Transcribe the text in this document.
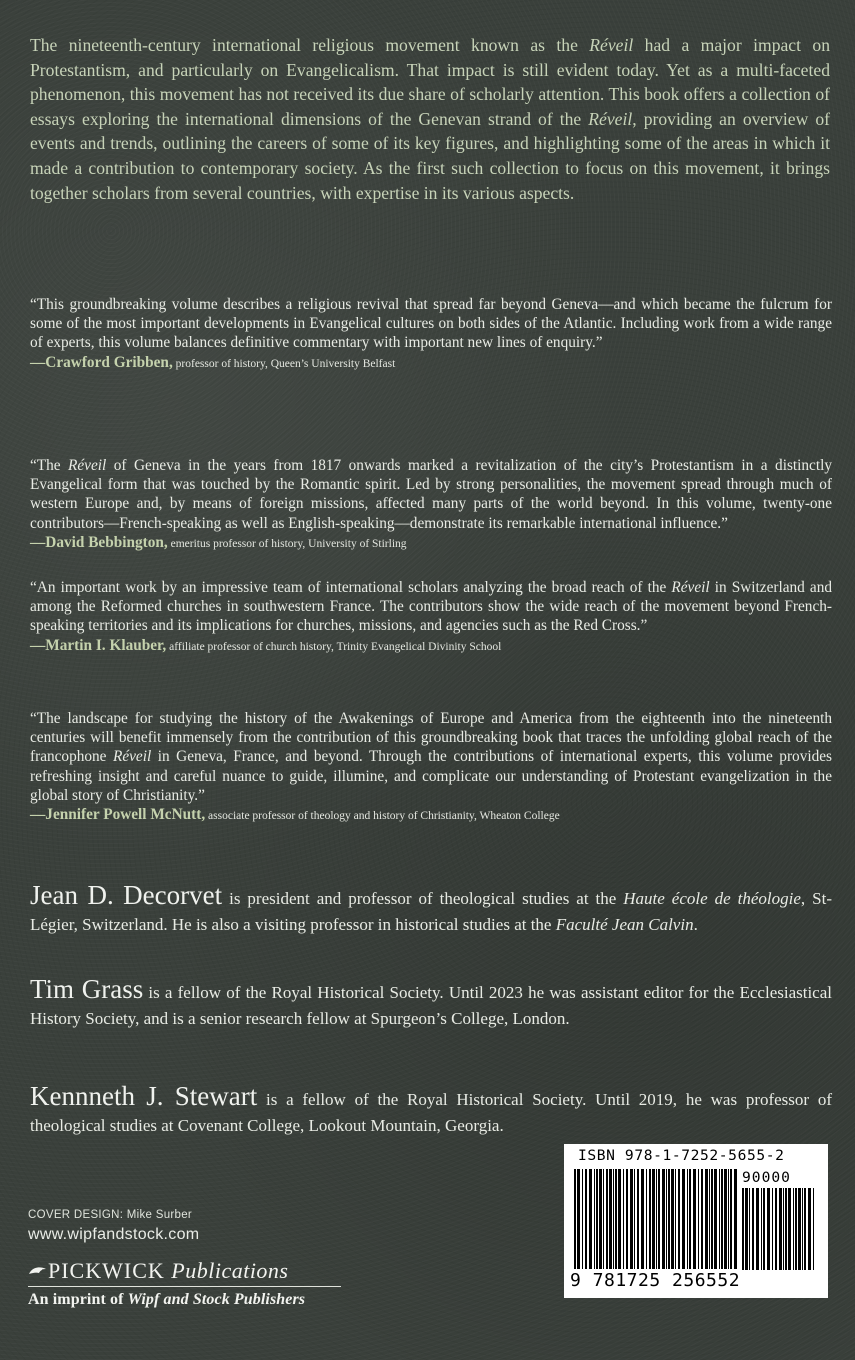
The nineteenth-century international religious movement known as the Réveil had a major impact on Protestantism, and particularly on Evangelicalism. That impact is still evident today. Yet as a multi-faceted phenomenon, this movement has not received its due share of scholarly attention. This book offers a collection of essays exploring the international dimensions of the Genevan strand of the Réveil, providing an overview of events and trends, outlining the careers of some of its key figures, and highlighting some of the areas in which it made a contribution to contemporary society. As the first such collection to focus on this movement, it brings together scholars from several countries, with expertise in its various aspects.

“This groundbreaking volume describes a religious revival that spread far beyond Geneva—and which became the fulcrum for some of the most important developments in Evangelical cultures on both sides of the Atlantic. Including work from a wide range of experts, this volume balances definitive commentary with important new lines of enquiry.”

—Crawford Gribben, professor of history, Queen’s University Belfast

“The Réveil of Geneva in the years from 1817 onwards marked a revitalization of the city’s Protestantism in a distinctly Evangelical form that was touched by the Romantic spirit. Led by strong personalities, the movement spread through much of western Europe and, by means of foreign missions, affected many parts of the world beyond. In this volume, twenty-one contributors—French-speaking as well as English-speaking—demonstrate its remarkable international influence.”

—David Bebbington, emeritus professor of history, University of Stirling

“An important work by an impressive team of international scholars analyzing the broad reach of the Réveil in Switzerland and among the Reformed churches in southwestern France. The contributors show the wide reach of the movement beyond French-speaking territories and its implications for churches, missions, and agencies such as the Red Cross.”

—Martin I. Klauber, affiliate professor of church history, Trinity Evangelical Divinity School

“The landscape for studying the history of the Awakenings of Europe and America from the eighteenth into the nineteenth centuries will benefit immensely from the contribution of this groundbreaking book that traces the unfolding global reach of the francophone Réveil in Geneva, France, and beyond. Through the contributions of international experts, this volume provides refreshing insight and careful nuance to guide, illumine, and complicate our understanding of Protestant evangelization in the global story of Christianity.”

—Jennifer Powell McNutt, associate professor of theology and history of Christianity, Wheaton College

Jean D. Decorvet is president and professor of theological studies at the Haute école de théologie, St-Légier, Switzerland. He is also a visiting professor in historical studies at the Faculté Jean Calvin.

Tim Grass is a fellow of the Royal Historical Society. Until 2023 he was assistant editor for the Ecclesiastical History Society, and is a senior research fellow at Spurgeon’s College, London.

Kennneth J. Stewart is a fellow of the Royal Historical Society. Until 2019, he was professor of theological studies at Covenant College, Lookout Mountain, Georgia.

ISBN 978-1-7252-5655-2
90000
9 781725 256552
COVER DESIGN: Mike Surber
www.wipfandstock.com
PICKWICK Publications
An imprint of Wipf and Stock Publishers
